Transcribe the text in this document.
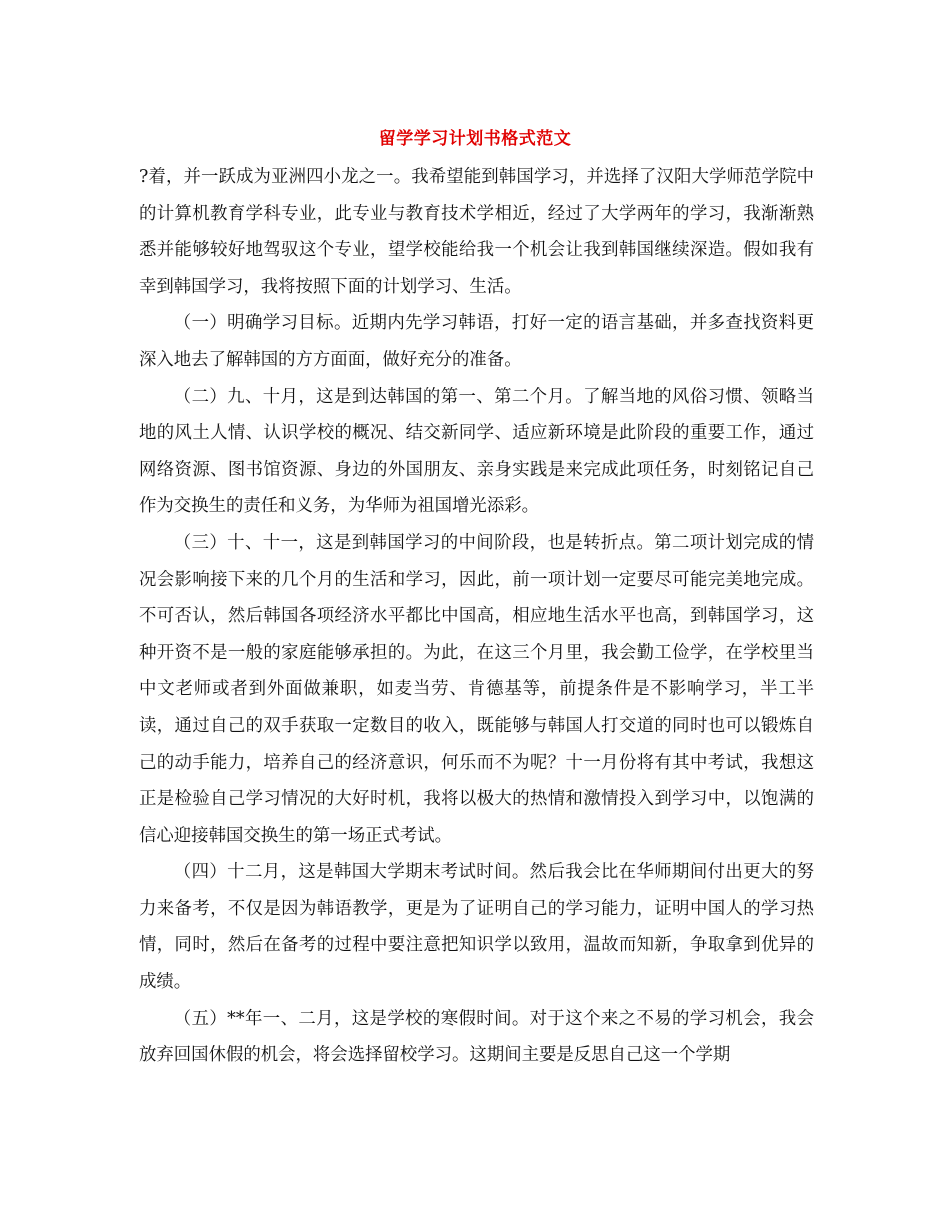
留学学习计划书格式范文

?着，并一跃成为亚洲四小龙之一。我希望能到韩国学习，并选择了汉阳大学师范学院中的计算机教育学科专业，此专业与教育技术学相近，经过了大学两年的学习，我渐渐熟悉并能够较好地驾驭这个专业，望学校能给我一个机会让我到韩国继续深造。假如我有幸到韩国学习，我将按照下面的计划学习、生活。

（一）明确学习目标。近期内先学习韩语，打好一定的语言基础，并多查找资料更深入地去了解韩国的方方面面，做好充分的准备。

（二）九、十月，这是到达韩国的第一、第二个月。了解当地的风俗习惯、领略当地的风土人情、认识学校的概况、结交新同学、适应新环境是此阶段的重要工作，通过网络资源、图书馆资源、身边的外国朋友、亲身实践是来完成此项任务，时刻铭记自己作为交换生的责任和义务，为华师为祖国增光添彩。

（三）十、十一，这是到韩国学习的中间阶段，也是转折点。第二项计划完成的情况会影响接下来的几个月的生活和学习，因此，前一项计划一定要尽可能完美地完成。不可否认，然后韩国各项经济水平都比中国高，相应地生活水平也高，到韩国学习，这种开资不是一般的家庭能够承担的。为此，在这三个月里，我会勤工俭学，在学校里当中文老师或者到外面做兼职，如麦当劳、肯德基等，前提条件是不影响学习，半工半读，通过自己的双手获取一定数目的收入，既能够与韩国人打交道的同时也可以锻炼自己的动手能力，培养自己的经济意识，何乐而不为呢？十一月份将有其中考试，我想这正是检验自己学习情况的大好时机，我将以极大的热情和激情投入到学习中，以饱满的信心迎接韩国交换生的第一场正式考试。

（四）十二月，这是韩国大学期末考试时间。然后我会比在华师期间付出更大的努力来备考，不仅是因为韩语教学，更是为了证明自己的学习能力，证明中国人的学习热情，同时，然后在备考的过程中要注意把知识学以致用，温故而知新，争取拿到优异的成绩。

（五）**年一、二月，这是学校的寒假时间。对于这个来之不易的学习机会，我会放弃回国休假的机会，将会选择留校学习。这期间主要是反思自己这一个学期
